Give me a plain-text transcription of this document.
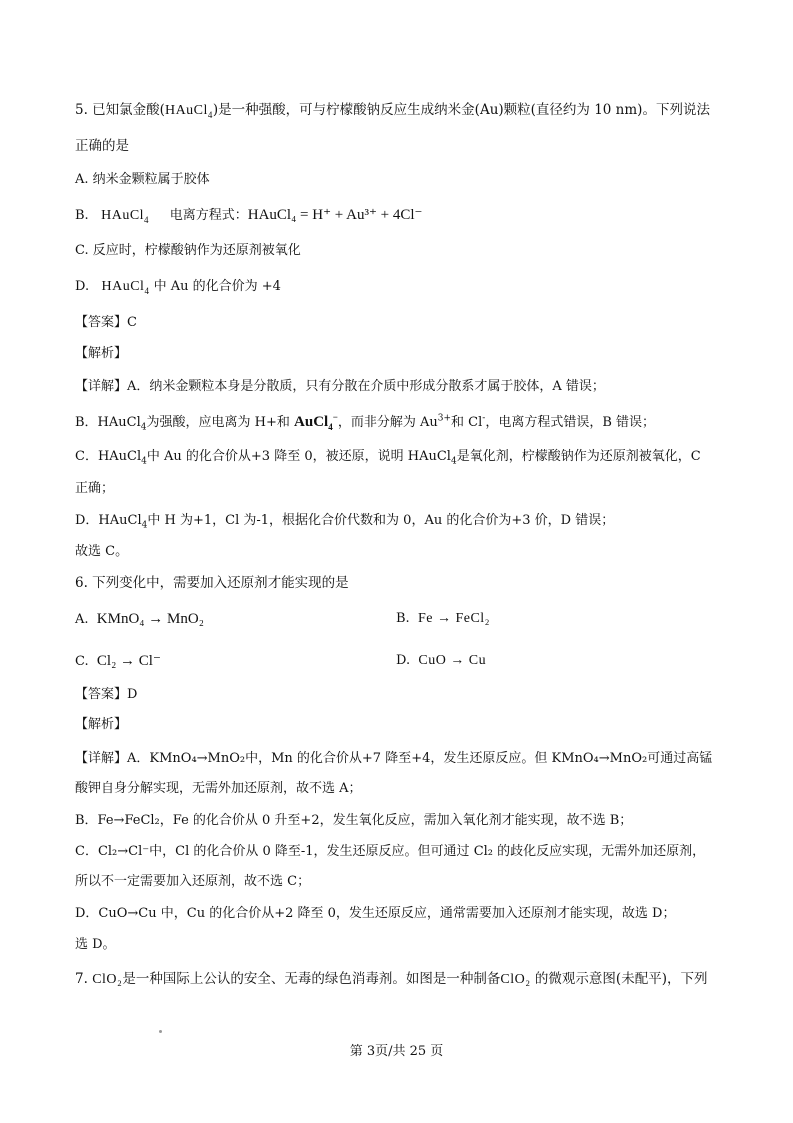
5. 已知氯金酸(HAuCl$_4$)是一种强酸，可与柠檬酸钠反应生成纳米金(Au)颗粒(直径约为 10 nm)。下列说法
正确的是
A. 纳米金颗粒属于胶体
B. HAuCl$_4$ 电离方程式：HAuCl₄ = H⁺ + Au³⁺ + 4Cl⁻
C. 反应时，柠檬酸钠作为还原剂被氧化
D. HAuCl$_4$ 中 Au 的化合价为 +4
【答案】C
【解析】
【详解】A．纳米金颗粒本身是分散质，只有分散在介质中形成分散系才属于胶体，A 错误；
B．HAuCl$_4$为强酸，应电离为 H+和 AuCl$_4$−，而非分解为 $Au^{3+}$和 Cl-，电离方程式错误，B 错误；
C．HAuCl$_4$中 Au 的化合价从+3 降至 0，被还原，说明 HAuCl$_4$是氧化剂，柠檬酸钠作为还原剂被氧化，C
正确；
D．HAuCl$_4$中 H 为+1，Cl 为-1，根据化合价代数和为 0，Au 的化合价为+3 价，D 错误；
故选 C。
6. 下列变化中，需要加入还原剂才能实现的是
A. KMnO₄ → MnO₂	B. Fe → FeCl₂
C. Cl₂ → Cl⁻	D. CuO → Cu
【答案】D
【解析】
【详解】A．KMnO₄→MnO₂中，Mn 的化合价从+7 降至+4，发生还原反应。但 KMnO₄→MnO₂可通过高锰
酸钾自身分解实现，无需外加还原剂，故不选 A；
B．Fe→FeCl₂，Fe 的化合价从 0 升至+2，发生氧化反应，需加入氧化剂才能实现，故不选 B；
C．Cl₂→Cl⁻中，Cl 的化合价从 0 降至-1，发生还原反应。但可通过 Cl₂ 的歧化反应实现，无需外加还原剂，
所以不一定需要加入还原剂，故不选 C；
D．CuO→Cu 中，Cu 的化合价从+2 降至 0，发生还原反应，通常需要加入还原剂才能实现，故选 D；
选 D。
7. ClO₂是一种国际上公认的安全、无毒的绿色消毒剂。如图是一种制备ClO₂ 的微观示意图(未配平)，下列
第 3页/共 25 页
